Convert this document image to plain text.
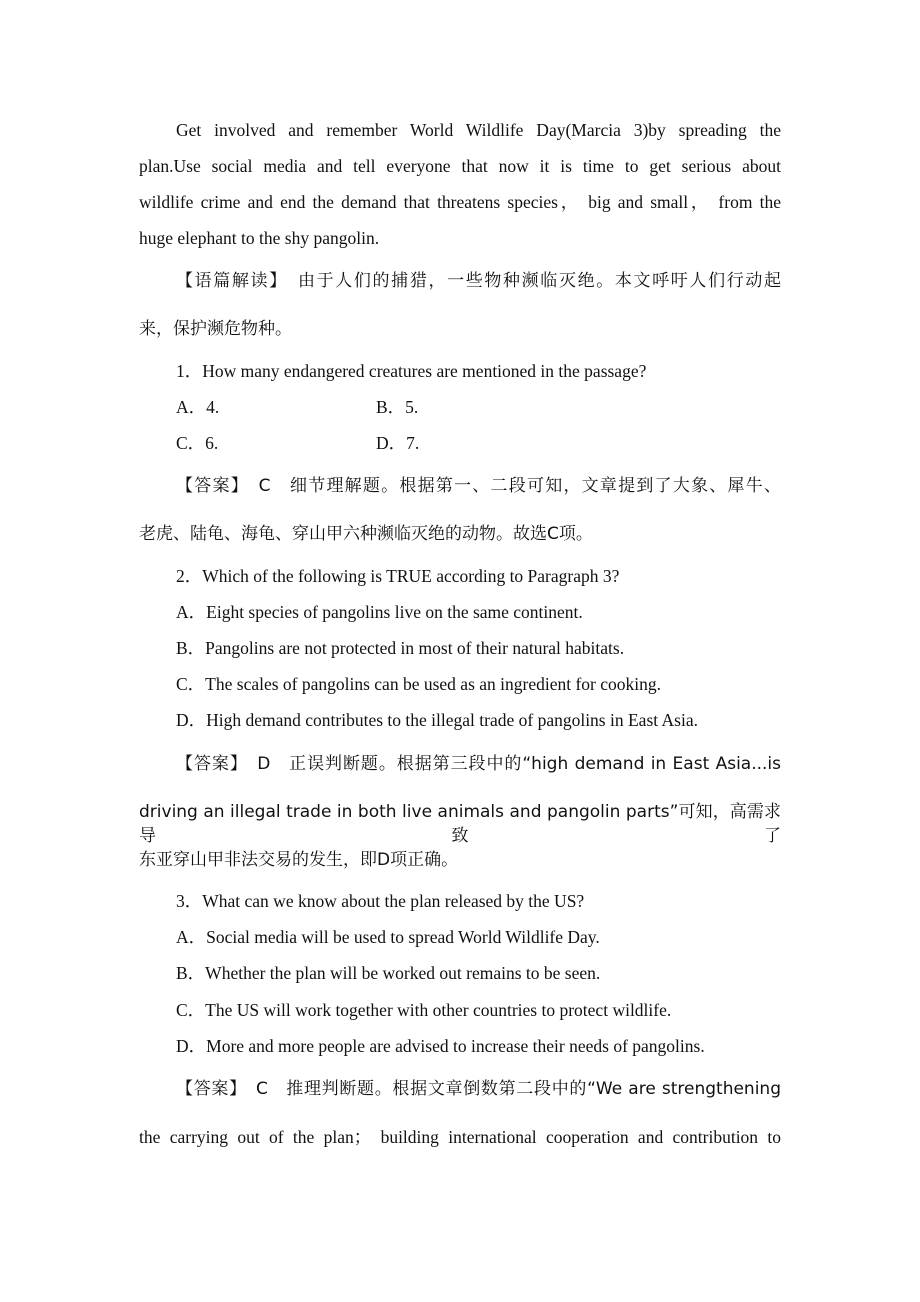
Get involved and remember World Wildlife Day(Marcia 3)by spreading the
plan.Use social media and tell everyone that now it is time to get serious about
wildlife crime and end the demand that threatens species， big and small， from the
huge elephant to the shy pangolin.
【语篇解读】　由于人们的捕猎，一些物种濒临灭绝。本文呼吁人们行动起
来，保护濒危物种。
1．How many endangered creatures are mentioned in the passage?
A．4.	B．5.
C．6.	D．7.
【答案】　C　细节理解题。根据第一、二段可知，文章提到了大象、犀牛、
老虎、陆龟、海龟、穿山甲六种濒临灭绝的动物。故选C项。
2．Which of the following is TRUE according to Paragraph 3?
A．Eight species of pangolins live on the same continent.
B．Pangolins are not protected in most of their natural habitats.
C．The scales of pangolins can be used as an ingredient for cooking.
D．High demand contributes to the illegal trade of pangolins in East Asia.
【答案】　D　正误判断题。根据第三段中的“high demand in East Asia...is
driving an illegal trade in both live animals and pangolin parts”可知，高需求导致了
东亚穿山甲非法交易的发生，即D项正确。
3．What can we know about the plan released by the US?
A．Social media will be used to spread World Wildlife Day.
B．Whether the plan will be worked out remains to be seen.
C．The US will work together with other countries to protect wildlife.
D．More and more people are advised to increase their needs of pangolins.
【答案】　C　推理判断题。根据文章倒数第二段中的“We are strengthening
the carrying out of the plan； building international cooperation and contribution to
